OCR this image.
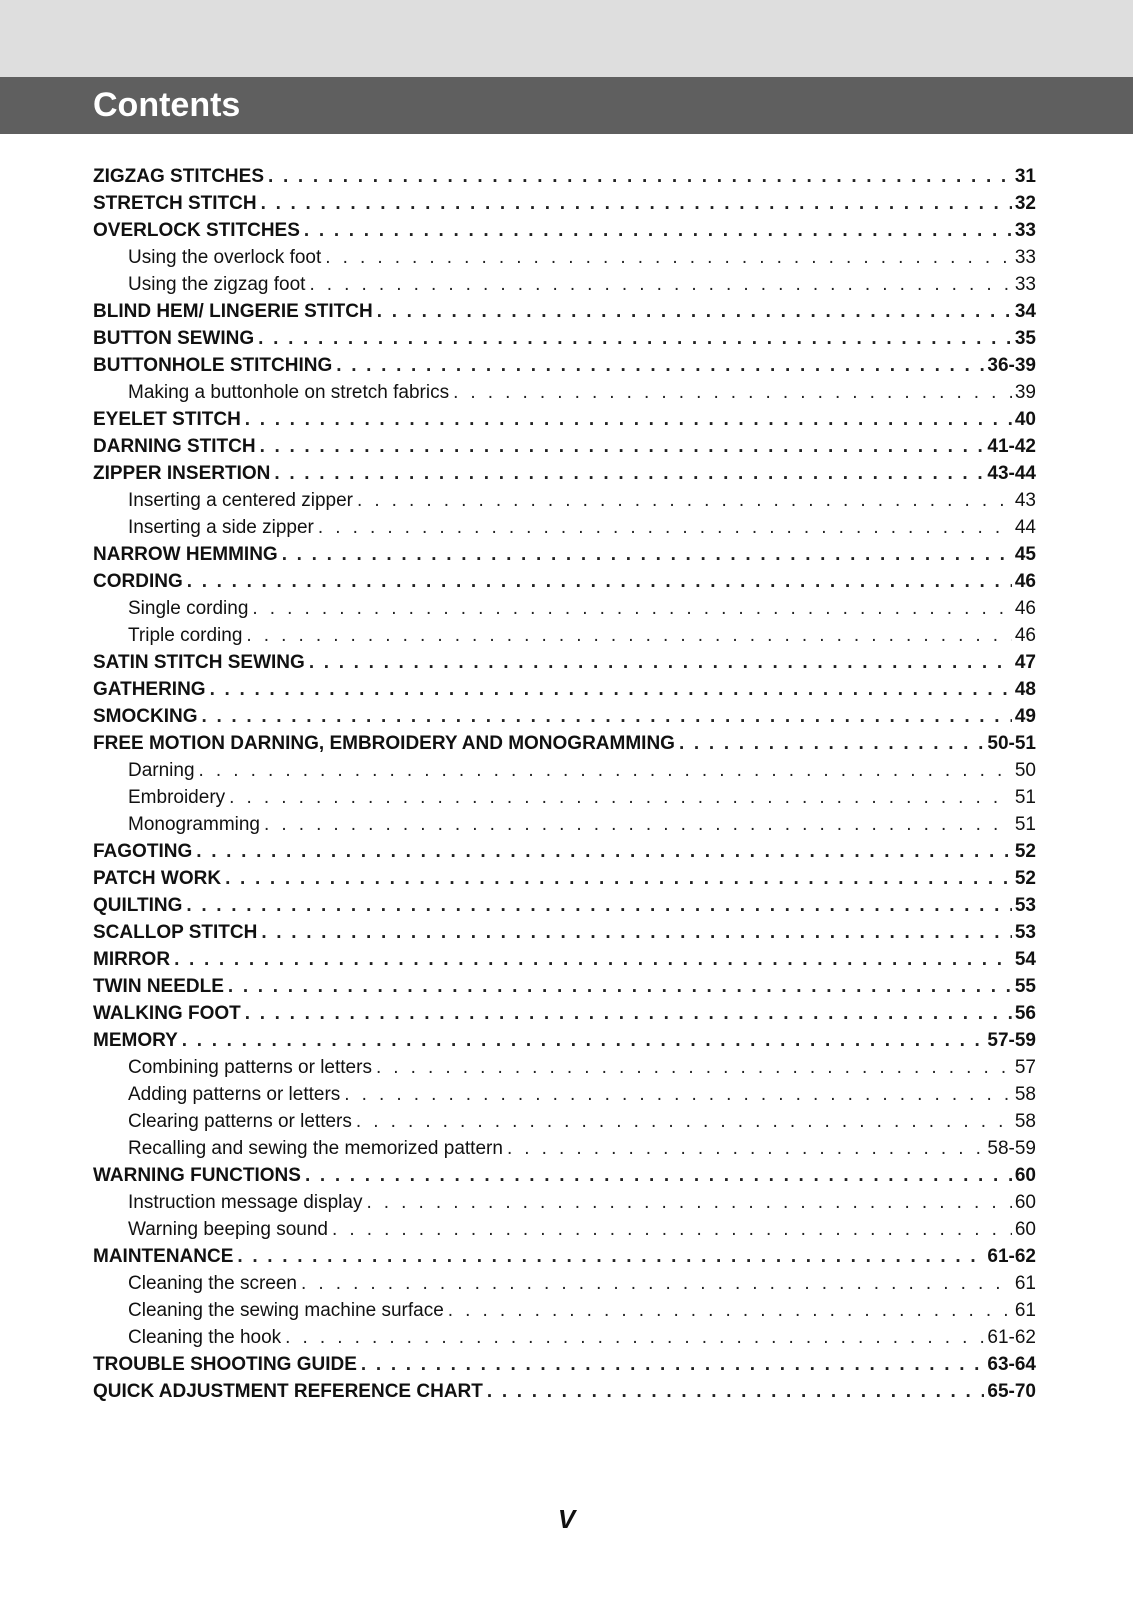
Contents
ZIGZAG STITCHES . . .	31
STRETCH STITCH . . .	32
OVERLOCK STITCHES . . .	33
Using the overlock foot . . .	33
Using the zigzag foot . . .	33
BLIND HEM/ LINGERIE STITCH . . .	34
BUTTON SEWING . . .	35
BUTTONHOLE STITCHING . . .	36-39
Making a buttonhole on stretch fabrics . . .	39
EYELET STITCH . . .	40
DARNING STITCH . . .	41-42
ZIPPER INSERTION . . .	43-44
Inserting a centered zipper . . .	43
Inserting a side zipper . . .	44
NARROW HEMMING . . .	45
CORDING . . .	46
Single cording . . .	46
Triple cording . . .	46
SATIN STITCH SEWING . . .	47
GATHERING . . .	48
SMOCKING . . .	49
FREE MOTION DARNING, EMBROIDERY AND MONOGRAMMING . . .	50-51
Darning . . .	50
Embroidery . . .	51
Monogramming . . .	51
FAGOTING . . .	52
PATCH WORK . . .	52
QUILTING . . .	53
SCALLOP STITCH . . .	53
MIRROR . . .	54
TWIN NEEDLE . . .	55
WALKING FOOT . . .	56
MEMORY . . .	57-59
Combining patterns or letters . . .	57
Adding patterns or letters . . .	58
Clearing patterns or letters . . .	58
Recalling and sewing the memorized pattern . . .	58-59
WARNING FUNCTIONS . . .	60
Instruction message display . . .	60
Warning beeping sound . . .	60
MAINTENANCE . . .	61-62
Cleaning the screen . . .	61
Cleaning the sewing machine surface . . .	61
Cleaning the hook . . .	61-62
TROUBLE SHOOTING GUIDE . . .	63-64
QUICK ADJUSTMENT REFERENCE CHART . . .	65-70
V
